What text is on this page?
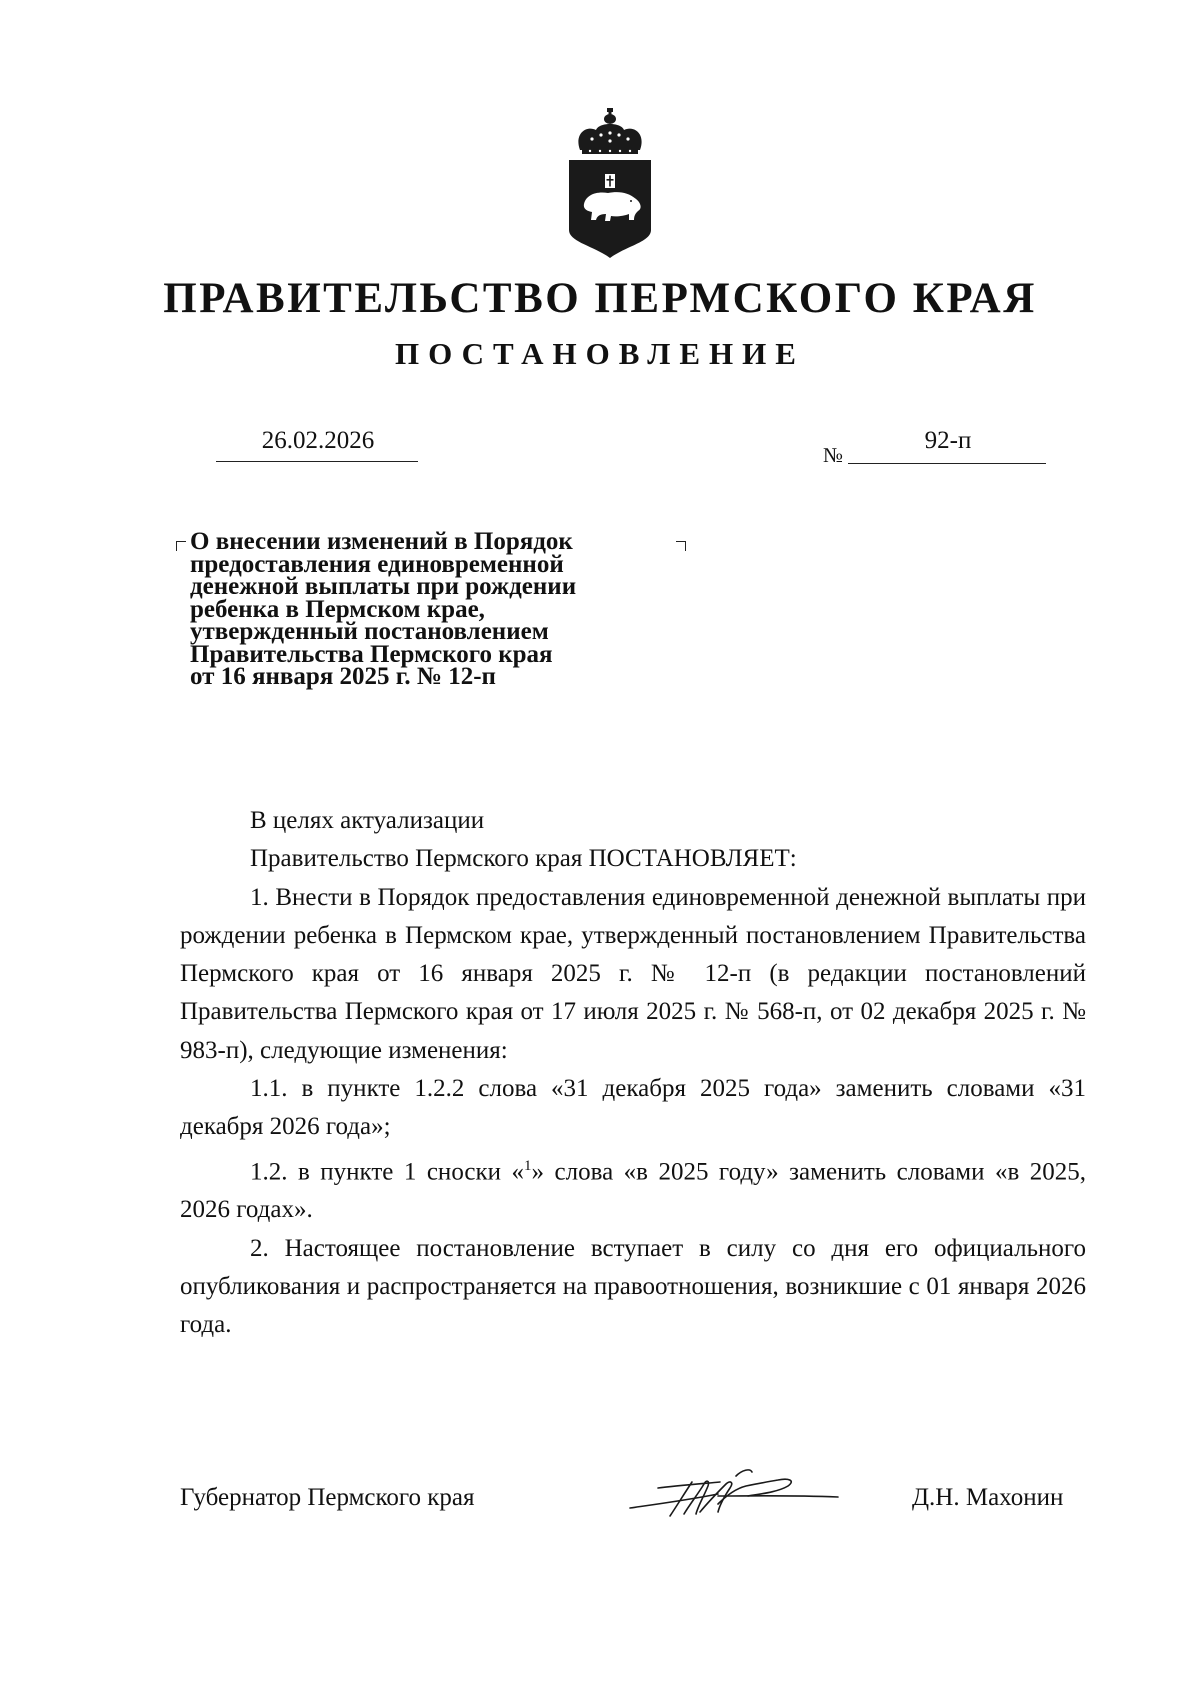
ПРАВИТЕЛЬСТВО ПЕРМСКОГО КРАЯ
ПОСТАНОВЛЕНИЕ
26.02.2026
№
92-п

О внесении изменений в Порядок
предоставления единовременной
денежной выплаты при рождении
ребенка в Пермском крае,
утвержденный постановлением
Правительства Пермского края
от 16 января 2025 г. № 12-п

В целях актуализации

Правительство Пермского края ПОСТАНОВЛЯЕТ:

1. Внести в Порядок предоставления единовременной денежной выплаты при рождении ребенка в Пермском крае, утвержденный постановлением Правительства Пермского края от 16 января 2025 г. № 12-п (в редакции постановлений Правительства Пермского края от 17 июля 2025 г. № 568-п, от 02 декабря 2025 г. № 983-п), следующие изменения:

1.1. в пункте 1.2.2 слова «31 декабря 2025 года» заменить словами «31 декабря 2026 года»;

1.2. в пункте 1 сноски «$^1$» слова «в 2025 году» заменить словами «в 2025, 2026 годах».

2. Настоящее постановление вступает в силу со дня его официального опубликования и распространяется на правоотношения, возникшие с 01 января 2026 года.

Губернатор Пермского края	Д.Н. Махонин
